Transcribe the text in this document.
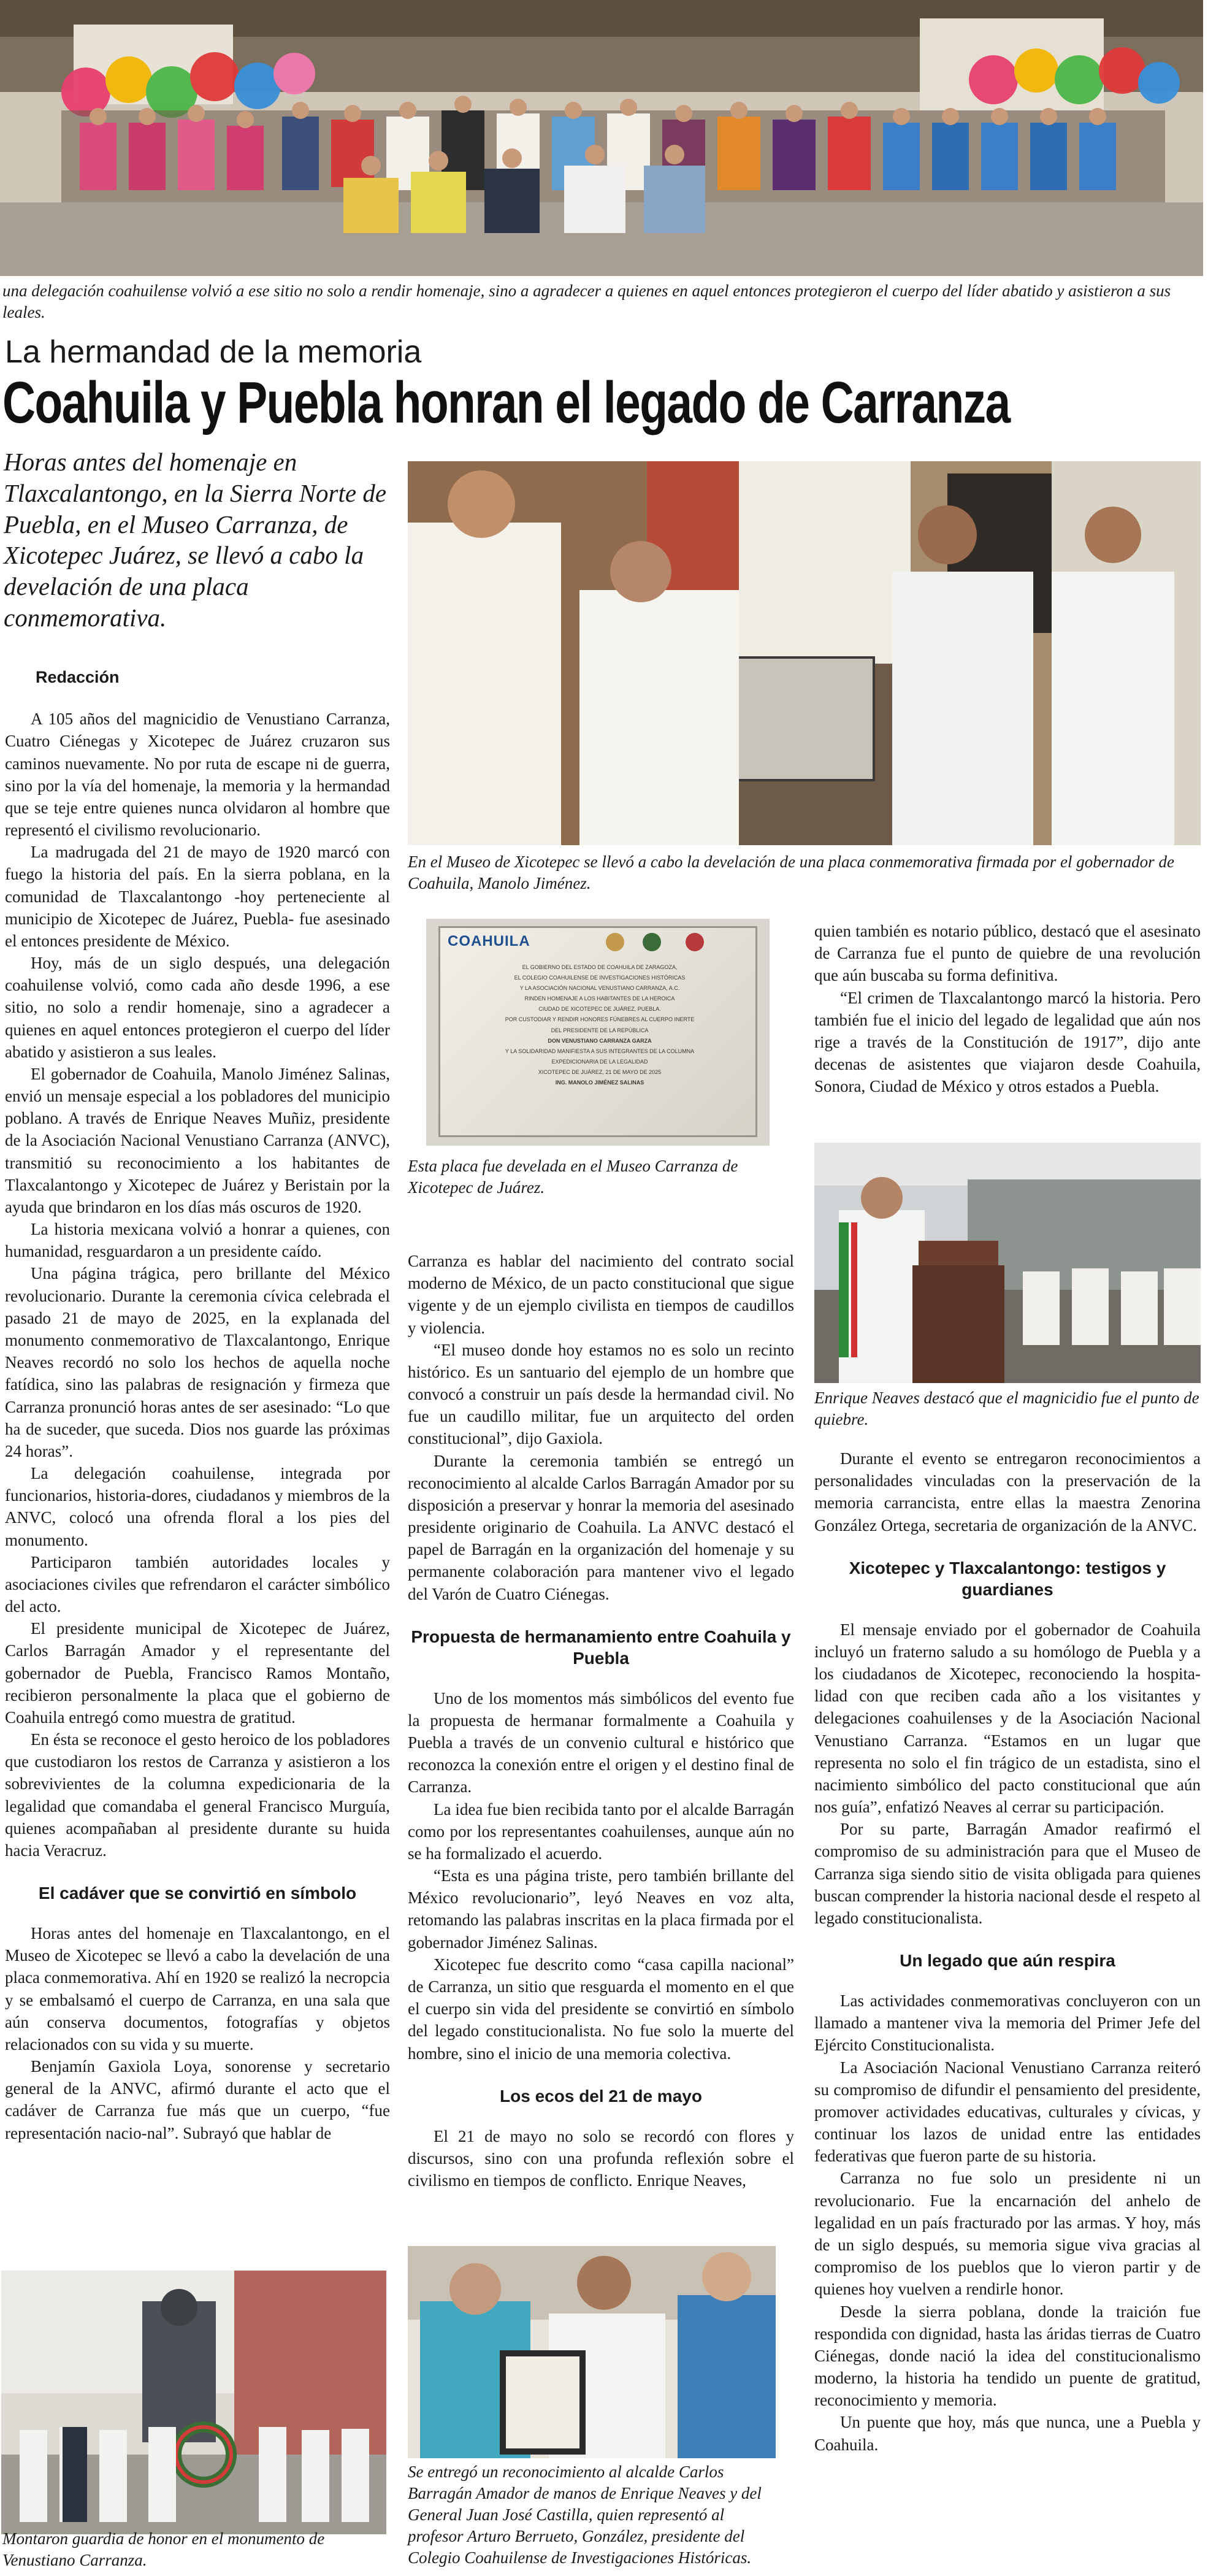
una delegación coahuilense volvió a ese sitio no solo a rendir homenaje, sino a agradecer a quienes en aquel entonces protegieron el cuerpo del líder abatido y asistieron a sus leales.

La hermandad de la memoria
Coahuila y Puebla honran el legado de Carranza
Horas antes del homenaje en Tlaxcalantongo, en la Sierra Norte de Puebla, en el Museo Carranza, de Xicotepec Juárez, se llevó a cabo la develación de una placa conmemorativa.

En el Museo de Xicotepec se llevó a cabo la develación de una placa conmemorativa firmada por el gobernador de Coahuila, Manolo Jiménez.

COAHUILA
EL GOBIERNO DEL ESTADO DE COAHUILA DE ZARAGOZA,
EL COLEGIO COAHUILENSE DE INVESTIGACIONES HISTÓRICAS
Y LA ASOCIACIÓN NACIONAL VENUSTIANO CARRANZA, A.C.
RINDEN HOMENAJE A LOS HABITANTES DE LA HEROICA
CIUDAD DE XICOTEPEC DE JUÁREZ, PUEBLA.
POR CUSTODIAR Y RENDIR HONORES FÚNEBRES AL CUERPO INERTE
DEL PRESIDENTE DE LA REPÚBLICA
DON VENUSTIANO CARRANZA GARZA
Y LA SOLIDARIDAD MANIFIESTA A SUS INTEGRANTES DE LA COLUMNA
EXPEDICIONARIA DE LA LEGALIDAD
XICOTEPEC DE JUÁREZ, 21 DE MAYO DE 2025
ING. MANOLO JIMÉNEZ SALINAS

Esta placa fue develada en el Museo Carranza de Xicotepec de Juárez.

Enrique Neaves destacó que el magnicidio fue el punto de quiebre.

Montaron guardia de honor en el monumento de Venustiano Carranza.

Se entregó un reconocimiento al alcalde Carlos Barragán Amador de manos de Enrique Neaves y del General Juan José Castilla, quien representó al profesor Arturo Berrueto, González, presidente del Colegio Coahuilense de Investigaciones Históricas.

Redacción

A 105 años del magnicidio de Venustiano Carranza, Cuatro Ciénegas y Xicotepec de Juárez cruzaron sus caminos nuevamente. No por ruta de escape ni de guerra, sino por la vía del homenaje, la memoria y la hermandad que se teje entre quienes nunca olvidaron al hombre que representó el civilismo revolucionario.

La madrugada del 21 de mayo de 1920 marcó con fuego la historia del país. En la sierra poblana, en la comunidad de Tlaxcalantongo -hoy perteneciente al municipio de Xicotepec de Juárez, Puebla- fue asesinado el entonces presidente de México.

Hoy, más de un siglo después, una delegación coahuilense volvió, como cada año desde 1996, a ese sitio, no solo a rendir homenaje, sino a agradecer a quienes en aquel entonces protegieron el cuerpo del líder abatido y asistieron a sus leales.

El gobernador de Coahuila, Manolo Jiménez Salinas, envió un mensaje especial a los pobladores del municipio poblano. A través de Enrique Neaves Muñiz, presidente de la Asociación Nacional Venustiano Carranza (ANVC), transmitió su reconocimiento a los habitantes de Tlaxcalantongo y Xicotepec de Juárez y Beristain por la ayuda que brindaron en los días más oscuros de 1920.

La historia mexicana volvió a honrar a quienes, con humanidad, resguardaron a un presidente caído.

Una página trágica, pero brillante del México revolucionario. Durante la ceremonia cívica celebrada el pasado 21 de mayo de 2025, en la explanada del monumento conmemorativo de Tlaxcalantongo, Enrique Neaves recordó no solo los hechos de aquella noche fatídica, sino las palabras de resignación y firmeza que Carranza pronunció horas antes de ser asesinado: “Lo que ha de suceder, que suceda. Dios nos guarde las próximas 24 horas”.

La delegación coahuilense, integrada por funcionarios, historia-dores, ciudadanos y miembros de la ANVC, colocó una ofrenda floral a los pies del monumento.

Participaron también autoridades locales y asociaciones civiles que refrendaron el carácter simbólico del acto.

El presidente municipal de Xicotepec de Juárez, Carlos Barragán Amador y el representante del gobernador de Puebla, Francisco Ramos Montaño, recibieron personalmente la placa que el gobierno de Coahuila entregó como muestra de gratitud.

En ésta se reconoce el gesto heroico de los pobladores que custodiaron los restos de Carranza y asistieron a los sobrevivientes de la columna expedicionaria de la legalidad que comandaba el general Francisco Murguía, quienes acompañaban al presidente durante su huida hacia Veracruz.

El cadáver que se convirtió en símbolo

Horas antes del homenaje en Tlaxcalantongo, en el Museo de Xicotepec se llevó a cabo la develación de una placa conmemorativa. Ahí en 1920 se realizó la necropcia y se embalsamó el cuerpo de Carranza, en una sala que aún conserva documentos, fotografías y objetos relacionados con su vida y su muerte.

Benjamín Gaxiola Loya, sonorense y secretario general de la ANVC, afirmó durante el acto que el cadáver de Carranza fue más que un cuerpo, “fue representación nacio-nal”. Subrayó que hablar de

Carranza es hablar del nacimiento del contrato social moderno de México, de un pacto constitucional que sigue vigente y de un ejemplo civilista en tiempos de caudillos y violencia.

“El museo donde hoy estamos no es solo un recinto histórico. Es un santuario del ejemplo de un hombre que convocó a construir un país desde la hermandad civil. No fue un caudillo militar, fue un arquitecto del orden constitucional”, dijo Gaxiola.

Durante la ceremonia también se entregó un reconocimiento al alcalde Carlos Barragán Amador por su disposición a preservar y honrar la memoria del asesinado presidente originario de Coahuila. La ANVC destacó el papel de Barragán en la organización del homenaje y su permanente colaboración para mantener vivo el legado del Varón de Cuatro Ciénegas.

Propuesta de hermanamiento entre Coahuila y Puebla

Uno de los momentos más simbólicos del evento fue la propuesta de hermanar formalmente a Coahuila y Puebla a través de un convenio cultural e histórico que reconozca la conexión entre el origen y el destino final de Carranza.

La idea fue bien recibida tanto por el alcalde Barragán como por los representantes coahuilenses, aunque aún no se ha formalizado el acuerdo.

“Esta es una página triste, pero también brillante del México revolucionario”, leyó Neaves en voz alta, retomando las palabras inscritas en la placa firmada por el gobernador Jiménez Salinas.

Xicotepec fue descrito como “casa capilla nacional” de Carranza, un sitio que resguarda el momento en el que el cuerpo sin vida del presidente se convirtió en símbolo del legado constitucionalista. No fue solo la muerte del hombre, sino el inicio de una memoria colectiva.

Los ecos del 21 de mayo

El 21 de mayo no solo se recordó con flores y discursos, sino con una profunda reflexión sobre el civilismo en tiempos de conflicto. Enrique Neaves,

quien también es notario público, destacó que el asesinato de Carranza fue el punto de quiebre de una revolución que aún buscaba su forma definitiva.

“El crimen de Tlaxcalantongo marcó la historia. Pero también fue el inicio del legado de legalidad que aún nos rige a través de la Constitución de 1917”, dijo ante decenas de asistentes que viajaron desde Coahuila, Sonora, Ciudad de México y otros estados a Puebla.

Durante el evento se entregaron reconocimientos a personalidades vinculadas con la preservación de la memoria carrancista, entre ellas la maestra Zenorina González Ortega, secretaria de organización de la ANVC.

Xicotepec y Tlaxcalantongo: testigos y guardianes

El mensaje enviado por el gobernador de Coahuila incluyó un fraterno saludo a su homólogo de Puebla y a los ciudadanos de Xicotepec, reconociendo la hospita-lidad con que reciben cada año a los visitantes y delegaciones coahuilenses y de la Asociación Nacional Venustiano Carranza. “Estamos en un lugar que representa no solo el fin trágico de un estadista, sino el nacimiento simbólico del pacto constitucional que aún nos guía”, enfatizó Neaves al cerrar su participación.

Por su parte, Barragán Amador reafirmó el compromiso de su administración para que el Museo de Carranza siga siendo sitio de visita obligada para quienes buscan comprender la historia nacional desde el respeto al legado constitucionalista.

Un legado que aún respira

Las actividades conmemorativas concluyeron con un llamado a mantener viva la memoria del Primer Jefe del Ejército Constitucionalista.

La Asociación Nacional Venustiano Carranza reiteró su compromiso de difundir el pensamiento del presidente, promover actividades educativas, culturales y cívicas, y continuar los lazos de unidad entre las entidades federativas que fueron parte de su historia.

Carranza no fue solo un presidente ni un revolucionario. Fue la encarnación del anhelo de legalidad en un país fracturado por las armas. Y hoy, más de un siglo después, su memoria sigue viva gracias al compromiso de los pueblos que lo vieron partir y de quienes hoy vuelven a rendirle honor.

Desde la sierra poblana, donde la traición fue respondida con dignidad, hasta las áridas tierras de Cuatro Ciénegas, donde nació la idea del constitucionalismo moderno, la historia ha tendido un puente de gratitud, reconocimiento y memoria.

Un puente que hoy, más que nunca, une a Puebla y Coahuila.
